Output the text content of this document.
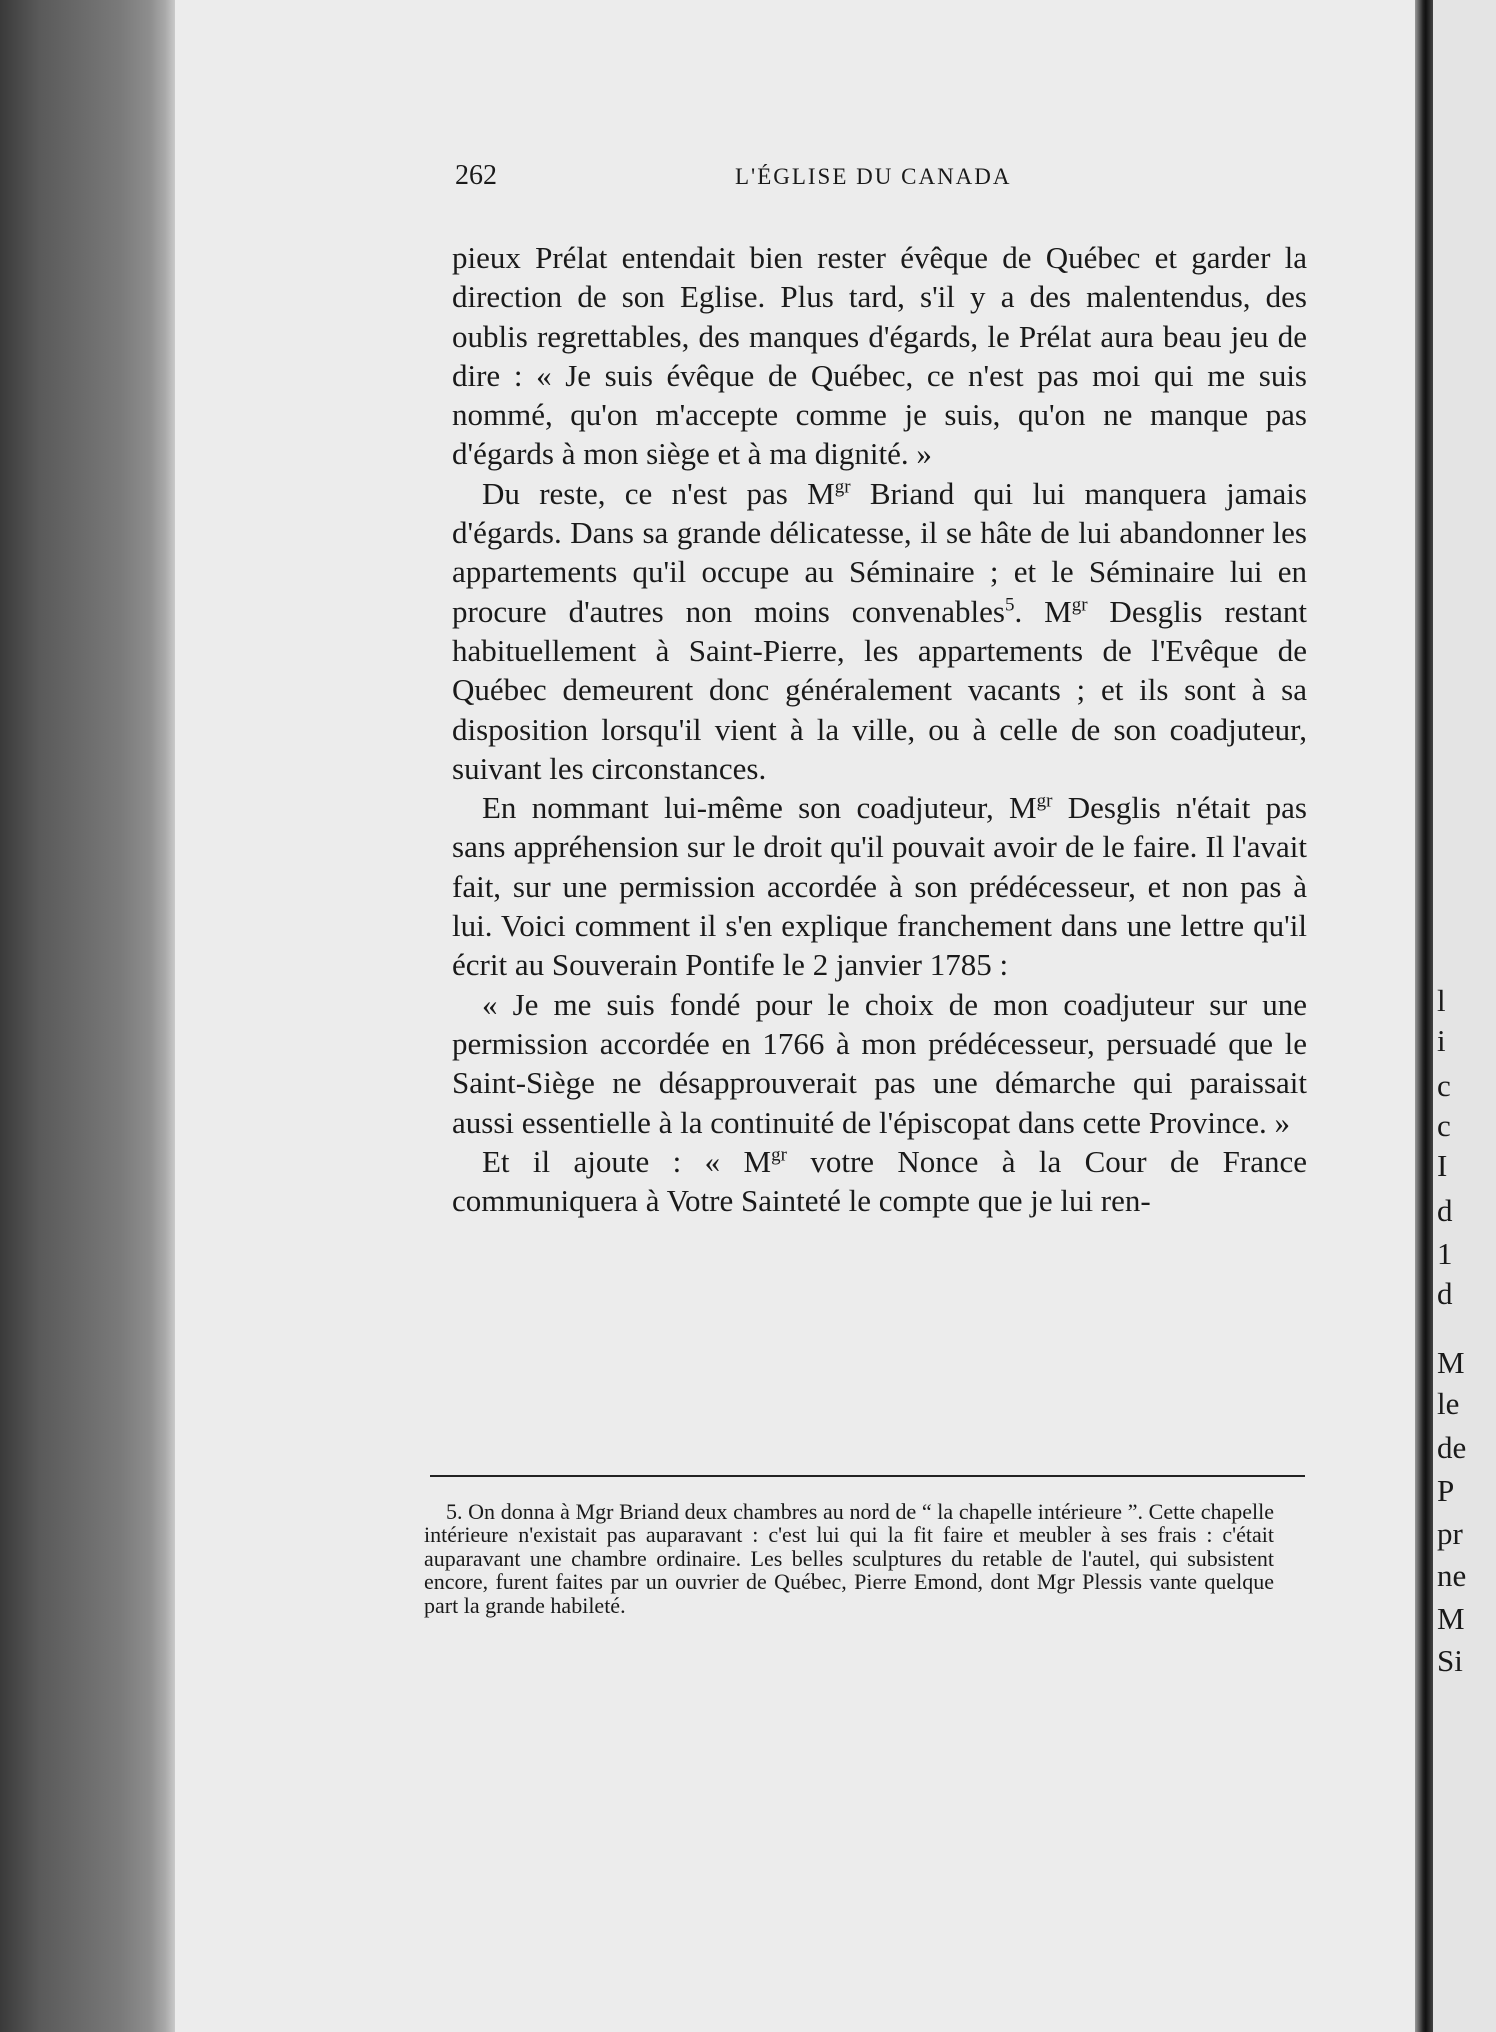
262	L'ÉGLISE DU CANADA

pieux Prélat entendait bien rester évêque de Québec et garder la direction de son Eglise. Plus tard, s'il y a des malentendus, des oublis regrettables, des manques d'égards, le Prélat aura beau jeu de dire : « Je suis évêque de Québec, ce n'est pas moi qui me suis nommé, qu'on m'accepte comme je suis, qu'on ne manque pas d'égards à mon siège et à ma dignité. »

Du reste, ce n'est pas $M^{gr}$ Briand qui lui manquera jamais d'égards. Dans sa grande délicatesse, il se hâte de lui abandonner les appartements qu'il occupe au Séminaire ; et le Séminaire lui en procure d'autres non moins convenables$^5$. $M^{gr}$ Desglis restant habituellement à Saint-Pierre, les appartements de l'Evêque de Québec demeurent donc généralement vacants ; et ils sont à sa disposition lorsqu'il vient à la ville, ou à celle de son coadjuteur, suivant les circonstances.

En nommant lui-même son coadjuteur, $M^{gr}$ Desglis n'était pas sans appréhension sur le droit qu'il pouvait avoir de le faire. Il l'avait fait, sur une permission accordée à son prédécesseur, et non pas à lui. Voici comment il s'en explique franchement dans une lettre qu'il écrit au Souverain Pontife le 2 janvier 1785 :

« Je me suis fondé pour le choix de mon coadjuteur sur une permission accordée en 1766 à mon prédécesseur, persuadé que le Saint-Siège ne désapprouverait pas une démarche qui paraissait aussi essentielle à la continuité de l'épiscopat dans cette Province. »

Et il ajoute : « $M^{gr}$ votre Nonce à la Cour de France communiquera à Votre Sainteté le compte que je lui ren-

5. On donna à Mgr Briand deux chambres au nord de “ la chapelle intérieure ”. Cette chapelle intérieure n'existait pas auparavant : c'est lui qui la fit faire et meubler à ses frais : c'était auparavant une chambre ordinaire. Les belles sculptures du retable de l'autel, qui subsistent encore, furent faites par un ouvrier de Québec, Pierre Emond, dont Mgr Plessis vante quelque part la grande habileté.
l
i
c
c
I
d
1
d
M
le
de
P
pr
ne
M
Si
